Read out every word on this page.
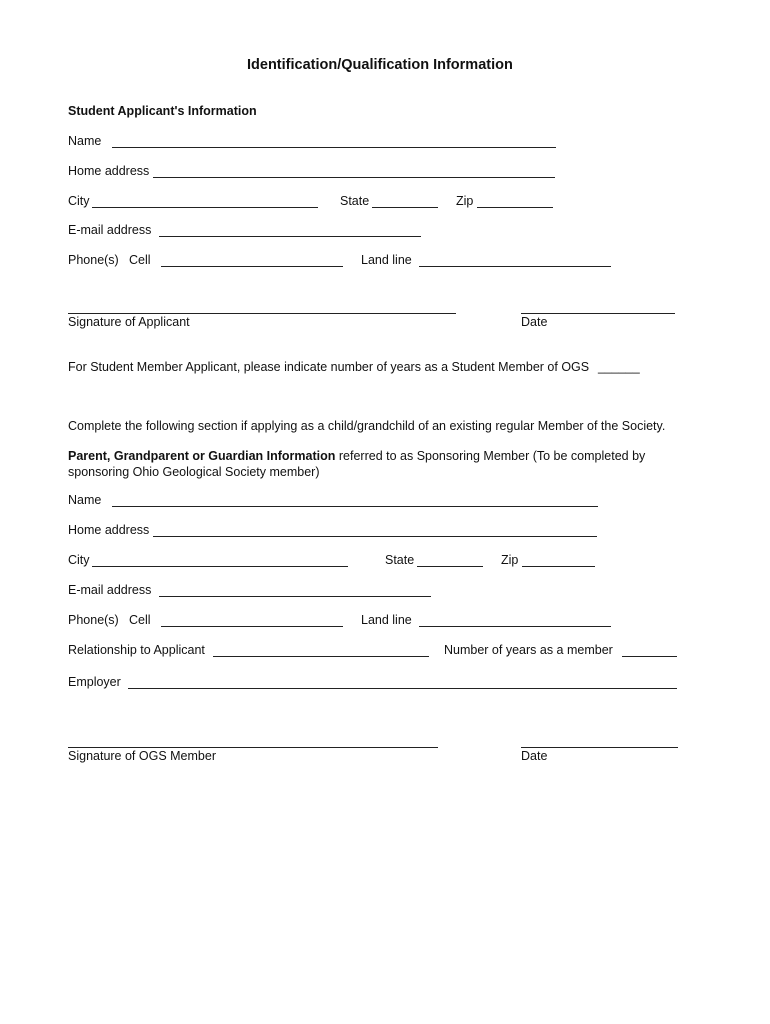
Identification/Qualification Information
Student Applicant's Information
Name
Home address
City	State	Zip
E-mail address
Phone(s) Cell	Land line
Signature of Applicant	Date
For Student Member Applicant, please indicate number of years as a Student Member of OGS ______
Complete the following section if applying as a child/grandchild of an existing regular Member of the Society.
Parent, Grandparent or Guardian Information referred to as Sponsoring Member (To be completed by sponsoring Ohio Geological Society member)
Name
Home address
City	State	Zip
E-mail address
Phone(s) Cell	Land line
Relationship to Applicant	Number of years as a member
Employer
Signature of OGS Member	Date
